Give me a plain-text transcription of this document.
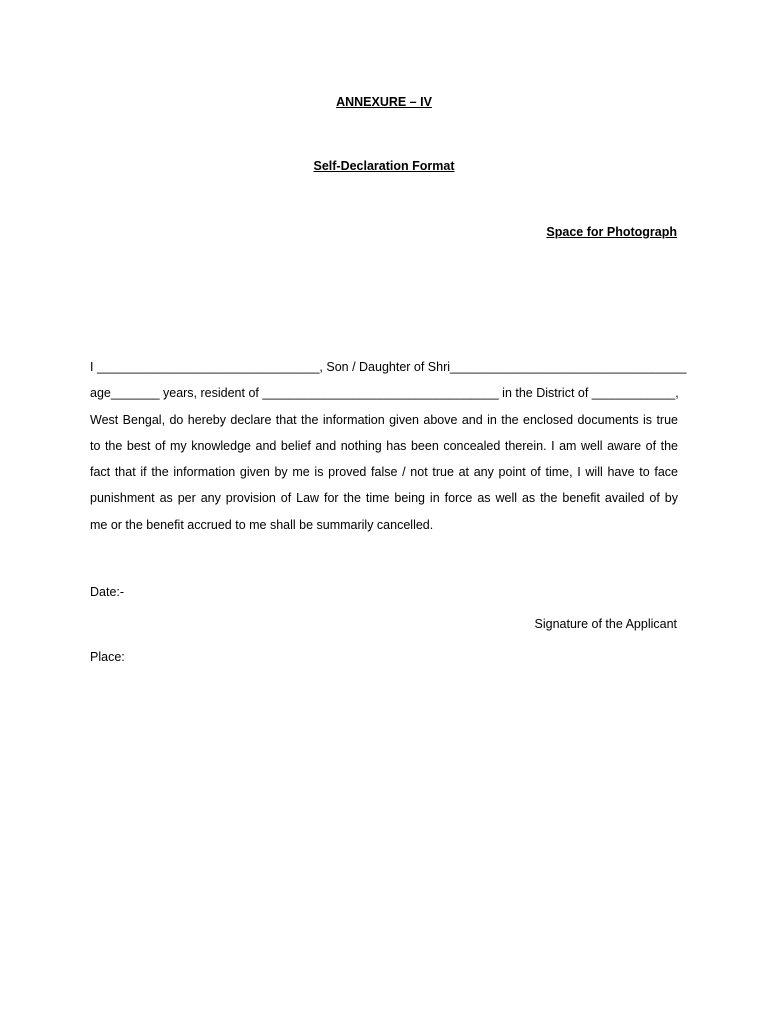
ANNEXURE – IV
Self-Declaration Format
Space for Photograph
I ________________________________, Son / Daughter of Shri__________________________________
age_______ years, resident of __________________________________ in the District of ____________,
West Bengal, do hereby declare that the information given above and in the enclosed documents is true
to the best of my knowledge and belief and nothing has been concealed therein. I am well aware of the
fact that if the information given by me is proved false / not true at any point of time, I will have to face
punishment as per any provision of Law for the time being in force as well as the benefit availed of by
me or the benefit accrued to me shall be summarily cancelled.
Date:-
Signature of the Applicant
Place:
